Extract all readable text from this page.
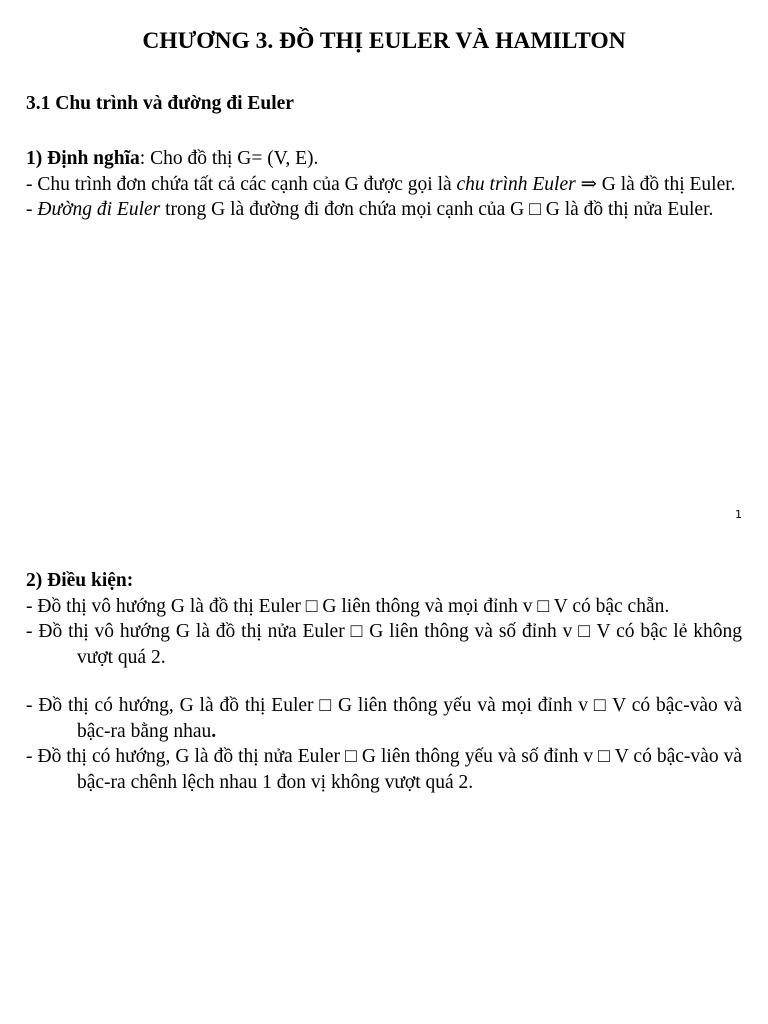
CHƯƠNG 3. ĐỒ THỊ EULER VÀ HAMILTON
3.1 Chu trình và đường đi Euler

1) Định nghĩa: Cho đồ thị G= (V, E).

- Chu trình đơn chứa tất cả các cạnh của G được gọi là chu trình Euler ⇒ G là đồ thị Euler.

- Đường đi Euler trong G là đường đi đơn chứa mọi cạnh của G □ G là đồ thị nửa Euler.

1

2) Điều kiện:

- Đồ thị vô hướng G là đồ thị Euler □ G liên thông và mọi đỉnh v □ V có bậc chẵn.

- Đồ thị vô hướng G là đồ thị nửa Euler □ G liên thông và số đỉnh v □ V có bậc lẻ không vượt quá 2.

- Đồ thị có hướng, G là đồ thị Euler □ G liên thông yếu và mọi đỉnh v □ V có bậc-vào và bậc-ra bằng nhau.

- Đồ thị có hướng, G là đồ thị nửa Euler □ G liên thông yếu và số đỉnh v □ V có bậc-vào và bậc-ra chênh lệch nhau 1 đon vị không vượt quá 2.
